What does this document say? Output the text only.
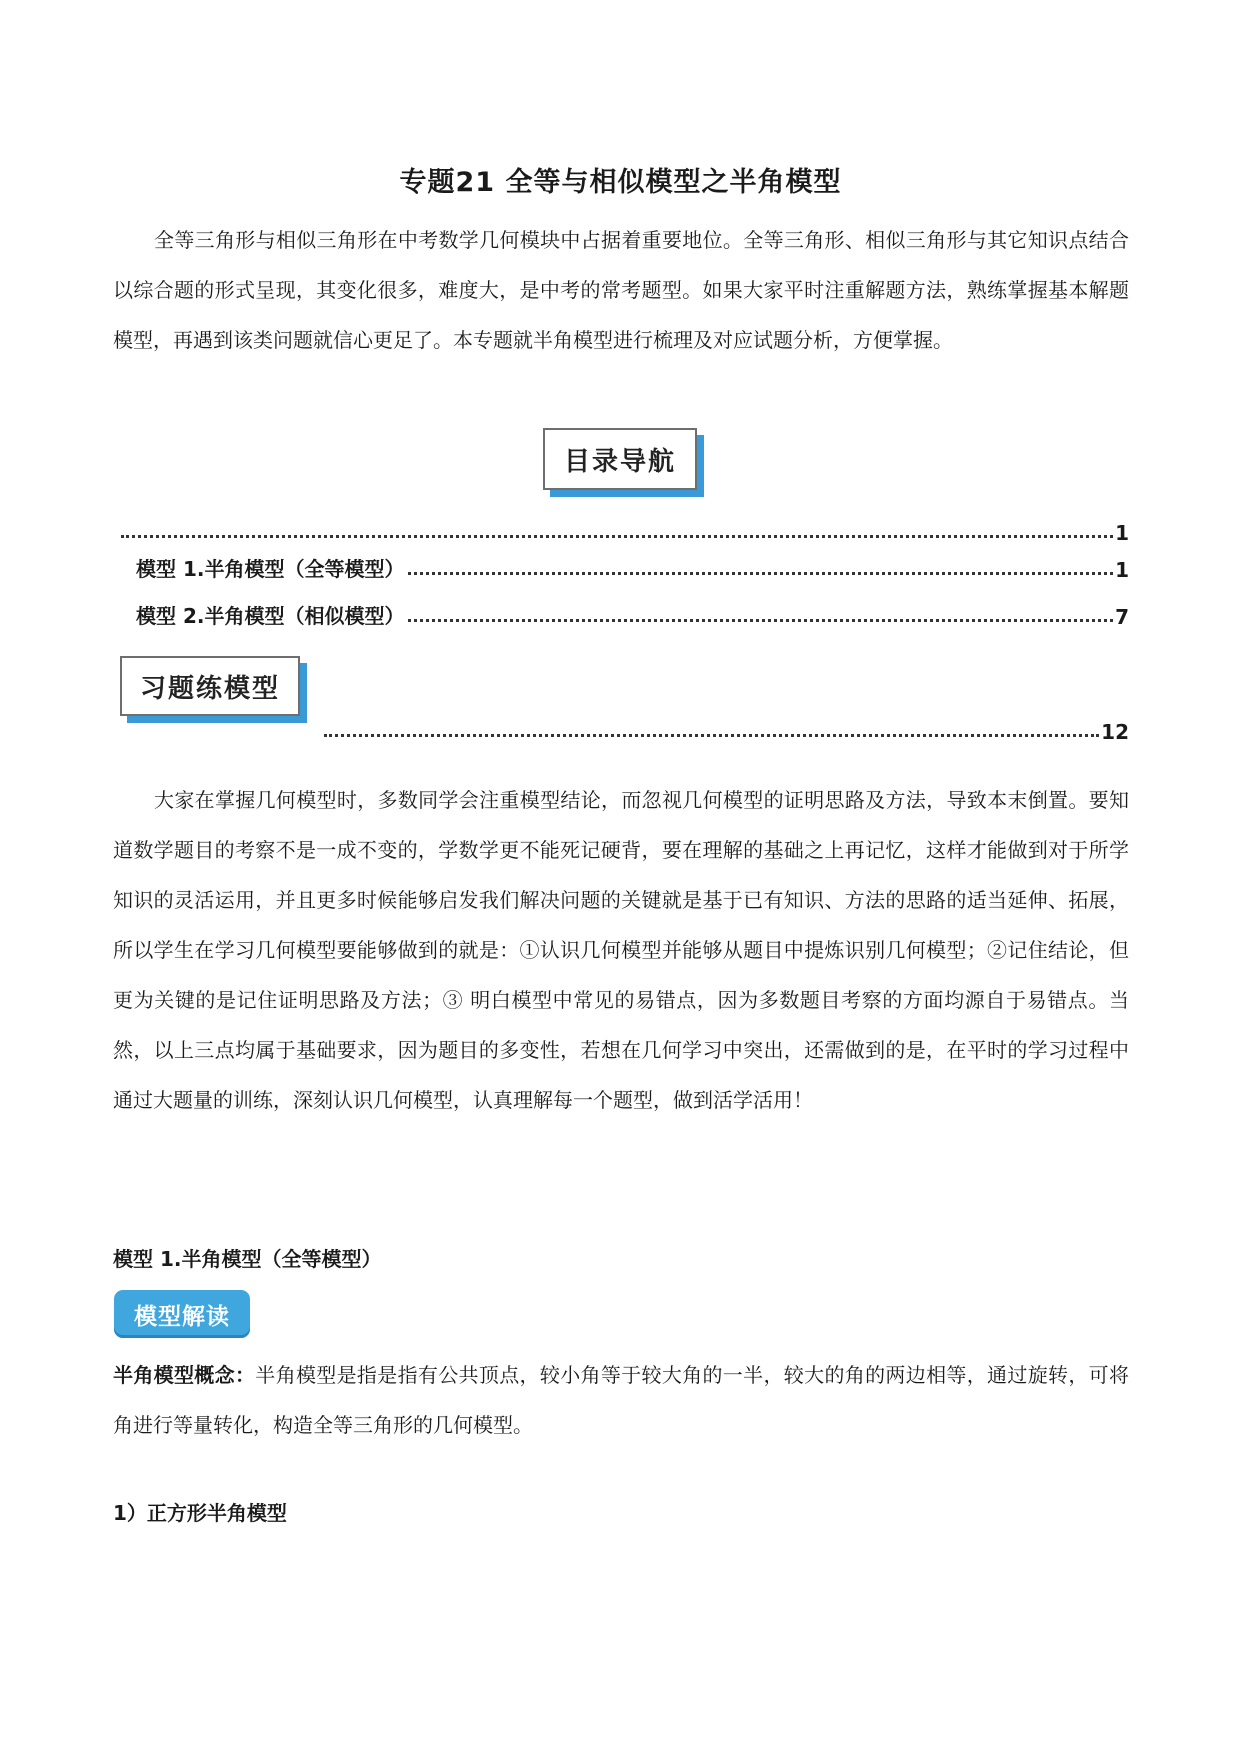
专题21 全等与相似模型之半角模型

全等三角形与相似三角形在中考数学几何模块中占据着重要地位。全等三角形、相似三角形与其它知识点结合以综合题的形式呈现，其变化很多，难度大，是中考的常考题型。如果大家平时注重解题方法，熟练掌握基本解题模型，再遇到该类问题就信心更足了。本专题就半角模型进行梳理及对应试题分析，方便掌握。

目录导航
1
模型 1.半角模型（全等模型）	1
模型 2.半角模型（相似模型）	7
习题练模型
12

大家在掌握几何模型时，多数同学会注重模型结论，而忽视几何模型的证明思路及方法，导致本末倒置。要知道数学题目的考察不是一成不变的，学数学更不能死记硬背，要在理解的基础之上再记忆，这样才能做到对于所学知识的灵活运用，并且更多时候能够启发我们解决问题的关键就是基于已有知识、方法的思路的适当延伸、拓展，所以学生在学习几何模型要能够做到的就是：①认识几何模型并能够从题目中提炼识别几何模型；②记住结论，但更为关键的是记住证明思路及方法；③ 明白模型中常见的易错点，因为多数题目考察的方面均源自于易错点。当然，以上三点均属于基础要求，因为题目的多变性，若想在几何学习中突出，还需做到的是，在平时的学习过程中通过大题量的训练，深刻认识几何模型，认真理解每一个题型，做到活学活用！

模型 1.半角模型（全等模型）
模型解读

半角模型概念：半角模型是指是指有公共顶点，较小角等于较大角的一半，较大的角的两边相等，通过旋转，可将角进行等量转化，构造全等三角形的几何模型。

1）正方形半角模型
